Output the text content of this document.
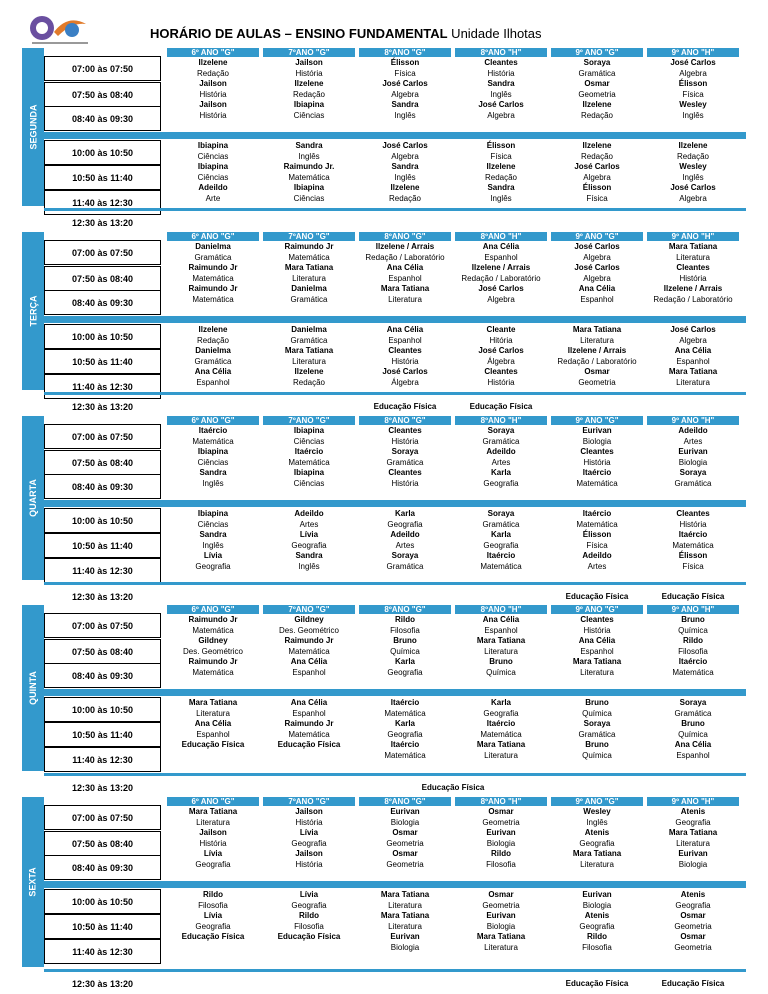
HORÁRIO DE AULAS – ENSINO FUNDAMENTAL Unidade Ilhotas
SEGUNDA
07:00 às 07:50
07:50 às 08:40
08:40 às 09:30
10:00 às 10:50
10:50 às 11:40
11:40 às 12:30
12:30 às 13:20
6º ANO "G"
Ilzelene
Redação
Jailson
História
Jailson
História
Ibiapina
Ciências
Ibiapina
Ciências
Adeildo
Arte
7ºANO "G"
Jailson
História
Ilzelene
Redação
Ibiapina
Ciências
Sandra
Inglês
Raimundo Jr.
Matemática
Ibiapina
Ciências
8ºANO "G"
Élisson
Física
José Carlos
Algebra
Sandra
Inglês
José Carlos
Algebra
Sandra
Inglês
Ilzelene
Redação
8ºANO "H"
Cleantes
História
Sandra
Inglês
José Carlos
Algebra
Élisson
Física
Ilzelene
Redação
Sandra
Inglês
9º ANO "G"
Soraya
Gramática
Osmar
Geometria
Ilzelene
Redação
Ilzelene
Redação
José Carlos
Algebra
Élisson
Física
9º ANO "H"
José Carlos
Algebra
Élisson
Física
Wesley
Inglês
Ilzelene
Redação
Wesley
Inglês
José Carlos
Algebra
TERÇA
07:00 às 07:50
07:50 às 08:40
08:40 às 09:30
10:00 às 10:50
10:50 às 11:40
11:40 às 12:30
12:30 às 13:20
6º ANO "G"
Danielma
Gramática
Raimundo Jr
Matemática
Raimundo Jr
Matemática
Ilzelene
Redação
Danielma
Gramática
Ana Célia
Espanhol
7ºANO "G"
Raimundo Jr
Matemática
Mara Tatiana
Literatura
Danielma
Gramática
Danielma
Gramática
Mara Tatiana
Literatura
Ilzelene
Redação
8ºANO "G"
Ilzelene / Arrais
Redação / Laboratório
Ana Célia
Espanhol
Mara Tatiana
Literatura
Ana Célia
Espanhol
Cleantes
História
José Carlos
Álgebra
Educação Física
8ºANO "H"
Ana Célia
Espanhol
Ilzelene / Arrais
Redação / Laboratório
José Carlos
Algebra
Cleante
Hitória
José Carlos
Álgebra
Cleantes
História
Educação Física
9º ANO "G"
José Carlos
Algebra
José Carlos
Algebra
Ana Célia
Espanhol
Mara Tatiana
Literatura
Ilzelene / Arrais
Redação / Laboratório
Osmar
Geometria
9º ANO "H"
Mara Tatiana
Literatura
Cleantes
História
Ilzelene / Arrais
Redação / Laboratório
José Carlos
Algebra
Ana Célia
Espanhol
Mara Tatiana
Literatura
QUARTA
07:00 às 07:50
07:50 às 08:40
08:40 às 09:30
10:00 às 10:50
10:50 às 11:40
11:40 às 12:30
12:30 às 13:20
6º ANO "G"
Itaércio
Matemática
Ibiapina
Ciências
Sandra
Inglês
Ibiapina
Ciências
Sandra
Inglês
Lívia
Geografia
7ºANO "G"
Ibiapina
Ciências
Itaércio
Matemática
Ibiapina
Ciências
Adeildo
Artes
Lívia
Geografia
Sandra
Inglês
8ºANO "G"
Cleantes
História
Soraya
Gramática
Cleantes
História
Karla
Geografia
Adeildo
Artes
Soraya
Gramática
8ºANO "H"
Soraya
Gramática
Adeildo
Artes
Karla
Geografia
Soraya
Gramática
Karla
Geografia
Itaércio
Matemática
9º ANO "G"
Eurivan
Biologia
Cleantes
História
Itaércio
Matemática
Itaércio
Matemática
Élisson
Física
Adeildo
Artes
Educação Física
9º ANO "H"
Adeildo
Artes
Eurivan
Biologia
Soraya
Gramática
Cleantes
História
Itaércio
Matemática
Élisson
Física
Educação Física
QUINTA
07:00 às 07:50
07:50 às 08:40
08:40 às 09:30
10:00 às 10:50
10:50 às 11:40
11:40 às 12:30
12:30 às 13:20
6º ANO "G"
Raimundo Jr
Matemática
Gildney
Des. Geométrico
Raimundo Jr
Matemática
Mara Tatiana
Literatura
Ana Célia
Espanhol
Educação Física
7ºANO "G"
Gildney
Des. Geométrico
Raimundo Jr
Matemática
Ana Célia
Espanhol
Ana Célia
Espanhol
Raimundo Jr
Matemática
Educação Física
8ºANO "G"
Rildo
Filosofia
Bruno
Química
Karla
Geografia
Itaércio
Matemática
Karla
Geografia
Itaércio
Matemática
8ºANO "H"
Ana Célia
Espanhol
Mara Tatiana
Literatura
Bruno
Química
Karla
Geografia
Itaércio
Matemática
Mara Tatiana
Literatura
9º ANO "G"
Cleantes
História
Ana Célia
Espanhol
Mara Tatiana
Literatura
Bruno
Química
Soraya
Gramática
Bruno
Química
9º ANO "H"
Bruno
Química
Rildo
Filosofia
Itaércio
Matemática
Soraya
Gramática
Bruno
Química
Ana Célia
Espanhol
Educação Física
SEXTA
07:00 às 07:50
07:50 às 08:40
08:40 às 09:30
10:00 às 10:50
10:50 às 11:40
11:40 às 12:30
12:30 às 13:20
6º ANO "G"
Mara Tatiana
Literatura
Jailson
História
Lívia
Geografia
Rildo
Filosofia
Lívia
Geografia
Educação Física
7ºANO "G"
Jailson
História
Lívia
Geografia
Jailson
História
Lívia
Geografia
Rildo
Filosofia
Educação Física
8ºANO "G"
Eurivan
Biologia
Osmar
Geometria
Osmar
Geometria
Mara Tatiana
Literatura
Mara Tatiana
Literatura
Eurivan
Biologia
8ºANO "H"
Osmar
Geometria
Eurivan
Biologia
Rildo
Filosofia
Osmar
Geometria
Eurivan
Biologia
Mara Tatiana
Literatura
9º ANO "G"
Wesley
Inglês
Atenis
Geografia
Mara Tatiana
Literatura
Eurivan
Biologia
Atenis
Geografia
Rildo
Filosofia
Educação Física
9º ANO "H"
Atenis
Geografia
Mara Tatiana
Literatura
Eurivan
Biologia
Atenis
Geografia
Osmar
Geometria
Osmar
Geometria
Educação Física
